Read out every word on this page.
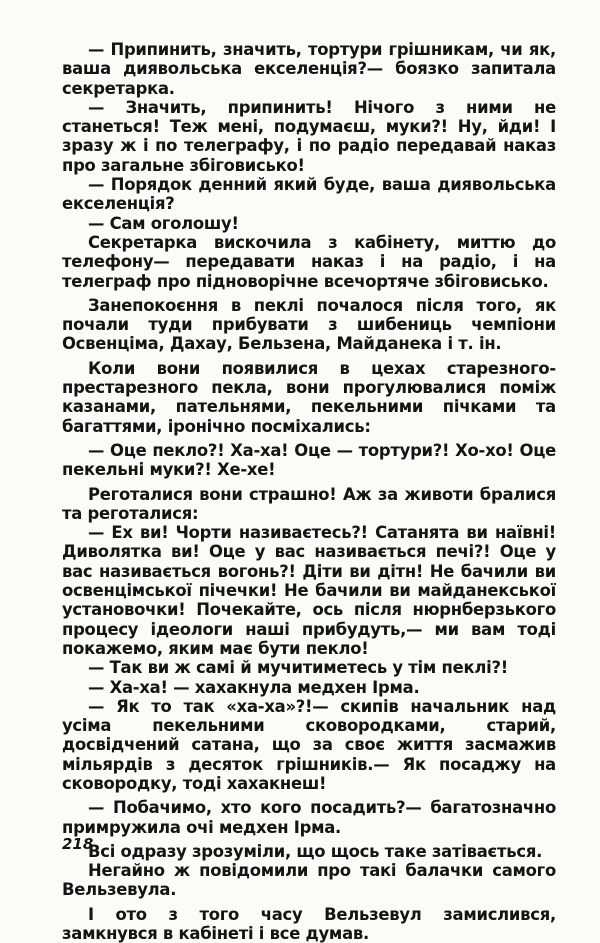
— Припинить, значить, тортури грішникам, чи як, ваша диявольська екселенція?— боязко запитала секретарка.

— Значить, припинить! Нічого з ними не станеться! Теж мені, подумаєш, муки?! Ну, йди! І зразу ж і по телеграфу, і по радіо передавай наказ про загальне збіговисько!

— Порядок денний який буде, ваша диявольська екселенція?

— Сам оголошу!

Секретарка вискочила з кабінету, миттю до телефону— передавати наказ і на радіо, і на телеграф про підноворічне всечортяче збіговисько.

Занепокоєння в пеклі почалося після того, як почали туди прибувати з шибениць чемпіони Освенціма, Дахау, Бельзена, Майданека і т. ін.

Коли вони появилися в цехах старезного-престарезного пекла, вони прогулювалися поміж казанами, пательнями, пекельними пічками та багаттями, іронічно посміхались:

— Оце пекло?! Ха-ха! Оце — тортури?! Хо-хо! Оце пекельні муки?! Хе-хе!

Реготалися вони страшно! Аж за животи бралися та реготалися:

— Ех ви! Чорти називаєтесь?! Сатанята ви наївні! Диволятка ви! Оце у вас називається печі?! Оце у вас називається вогонь?! Діти ви дітн! Не бачили ви освенцімської пічечки! Не бачили ви майданекської установочки! Почекайте, ось після нюрнберзького процесу ідеологи наші прибудуть,— ми вам тоді покажемо, яким має бути пекло!

— Так ви ж самі й мучитиметесь у тім пеклі?!

— Ха-ха! — хахакнула медхен Ірма.

— Як то так «ха-ха»?!— скипів начальник над усіма пекельними сковородками, старий, досвідчений сатана, що за своє життя засмажив мільярдів з десяток грішників.— Як посаджу на сковородку, тоді хахакнеш!

— Побачимо, хто кого посадить?— багатозначно примружила очі медхен Ірма.

Всі одразу зрозуміли, що щось таке затівається.

Негайно ж повідомили про такі балачки самого Вельзевула.

І ото з того часу Вельзевул замислився, замкнувся в кабінеті і все думав.

218
